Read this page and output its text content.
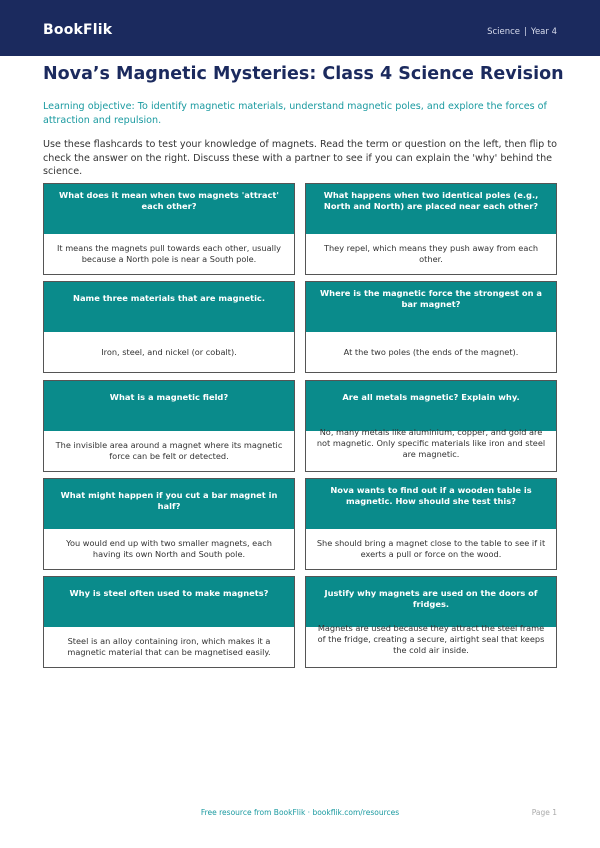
BookFlik	Science | Year 4
Nova’s Magnetic Mysteries: Class 4 Science Revision

Learning objective: To identify magnetic materials, understand magnetic poles, and explore the forces of attraction and repulsion.

Use these flashcards to test your knowledge of magnets. Read the term or question on the left, then flip to check the answer on the right. Discuss these with a partner to see if you can explain the 'why' behind the science.

What does it mean when two magnets 'attract' each other?
It means the magnets pull towards each other, usually because a North pole is near a South pole.
What happens when two identical poles (e.g., North and North) are placed near each other?
They repel, which means they push away from each other.
Name three materials that are magnetic.
Iron, steel, and nickel (or cobalt).
Where is the magnetic force the strongest on a bar magnet?
At the two poles (the ends of the magnet).
What is a magnetic field?
The invisible area around a magnet where its magnetic force can be felt or detected.
Are all metals magnetic? Explain why.
No, many metals like aluminium, copper, and gold are not magnetic. Only specific materials like iron and steel are magnetic.
What might happen if you cut a bar magnet in half?
You would end up with two smaller magnets, each having its own North and South pole.
Nova wants to find out if a wooden table is magnetic. How should she test this?
She should bring a magnet close to the table to see if it exerts a pull or force on the wood.
Why is steel often used to make magnets?
Steel is an alloy containing iron, which makes it a magnetic material that can be magnetised easily.
Justify why magnets are used on the doors of fridges.
Magnets are used because they attract the steel frame of the fridge, creating a secure, airtight seal that keeps the cold air inside.
Free resource from BookFlik · bookflik.com/resources	Page 1
